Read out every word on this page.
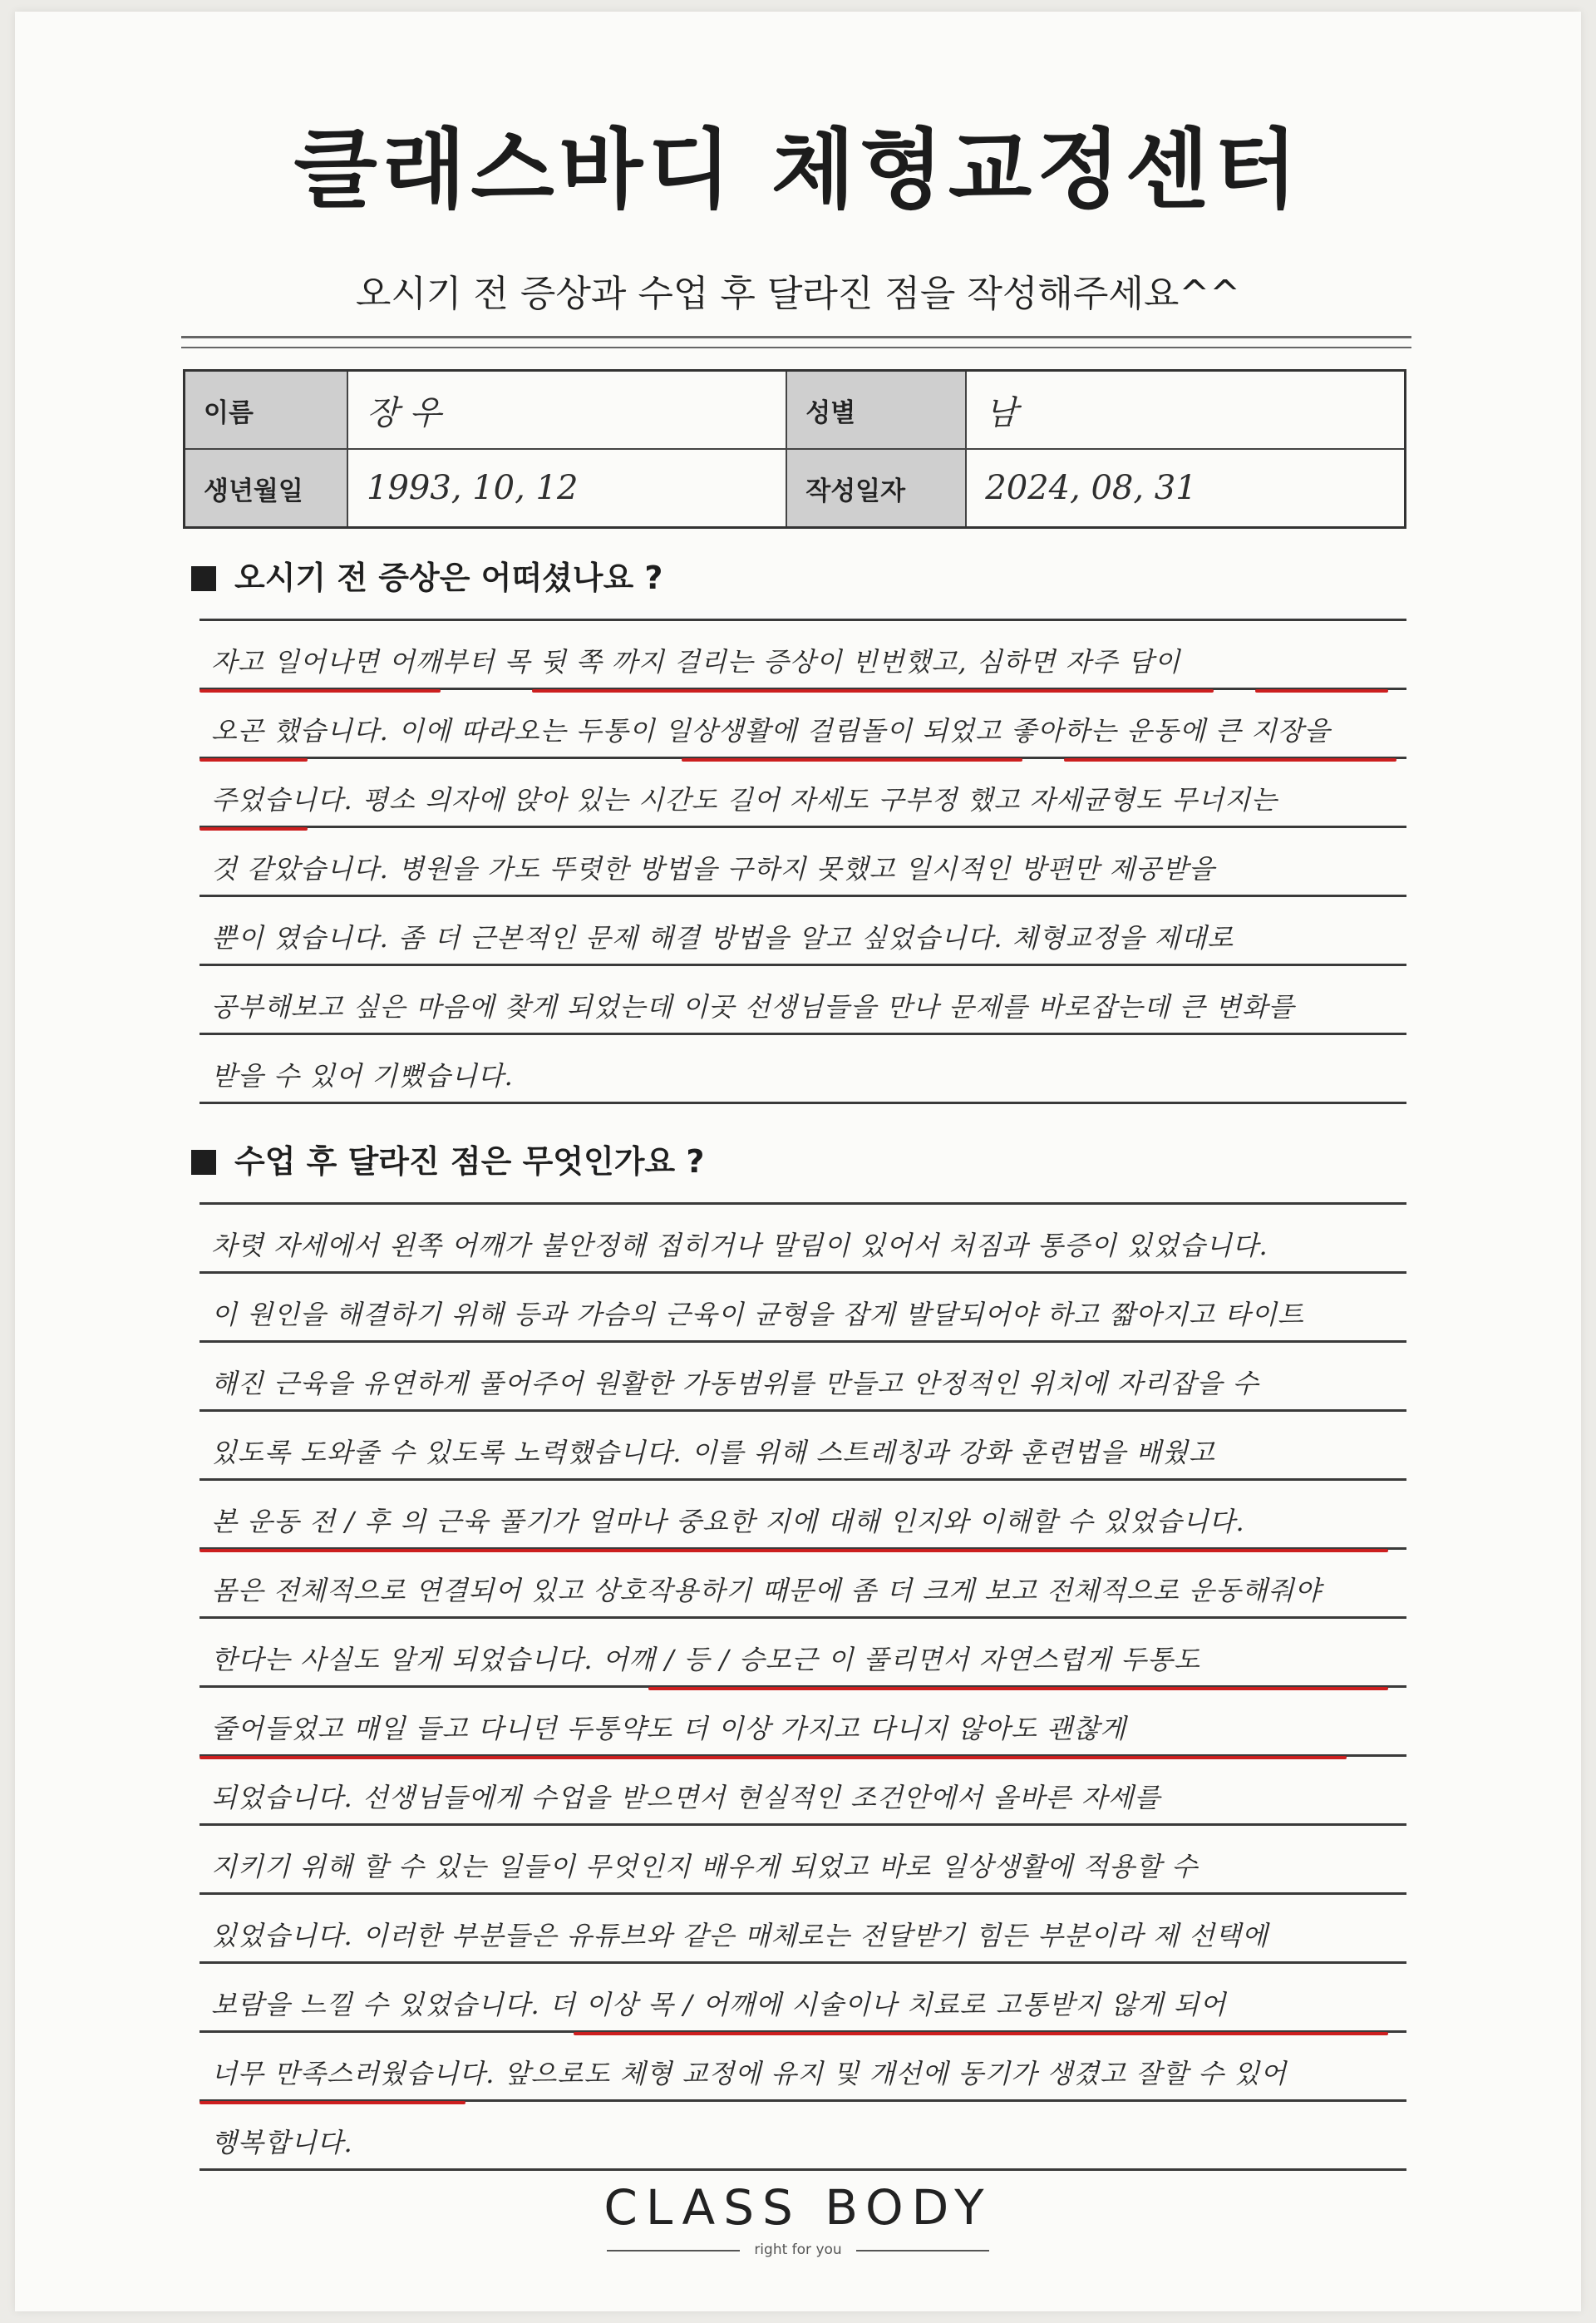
클래스바디 체형교정센터
오시기 전 증상과 수업 후 달라진 점을 작성해주세요^^
이름	장 우	성별	남
생년월일	1993, 10, 12	작성일자	2024, 08, 31
오시기 전 증상은 어떠셨나요 ?
자고 일어나면 어깨부터 목 뒷 쪽 까지 걸리는 증상이 빈번했고, 심하면 자주 담이
오곤 했습니다. 이에 따라오는 두통이 일상생활에 걸림돌이 되었고 좋아하는 운동에 큰 지장을
주었습니다. 평소 의자에 앉아 있는 시간도 길어 자세도 구부정 했고 자세균형도 무너지는
것 같았습니다. 병원을 가도 뚜렷한 방법을 구하지 못했고 일시적인 방편만 제공받을
뿐이 였습니다. 좀 더 근본적인 문제 해결 방법을 알고 싶었습니다. 체형교정을 제대로
공부해보고 싶은 마음에 찾게 되었는데 이곳 선생님들을 만나 문제를 바로잡는데 큰 변화를
받을 수 있어 기뻤습니다.
수업 후 달라진 점은 무엇인가요 ?
차렷 자세에서 왼쪽 어깨가 불안정해 접히거나 말림이 있어서 처짐과 통증이 있었습니다.
이 원인을 해결하기 위해 등과 가슴의 근육이 균형을 잡게 발달되어야 하고 짧아지고 타이트
해진 근육을 유연하게 풀어주어 원활한 가동범위를 만들고 안정적인 위치에 자리잡을 수
있도록 도와줄 수 있도록 노력했습니다. 이를 위해 스트레칭과 강화 훈련법을 배웠고
본 운동 전 / 후 의 근육 풀기가 얼마나 중요한 지에 대해 인지와 이해할 수 있었습니다.
몸은 전체적으로 연결되어 있고 상호작용하기 때문에 좀 더 크게 보고 전체적으로 운동해줘야
한다는 사실도 알게 되었습니다. 어깨 / 등 / 승모근 이 풀리면서 자연스럽게 두통도
줄어들었고 매일 들고 다니던 두통약도 더 이상 가지고 다니지 않아도 괜찮게
되었습니다. 선생님들에게 수업을 받으면서 현실적인 조건안에서 올바른 자세를
지키기 위해 할 수 있는 일들이 무엇인지 배우게 되었고 바로 일상생활에 적용할 수
있었습니다. 이러한 부분들은 유튜브와 같은 매체로는 전달받기 힘든 부분이라 제 선택에
보람을 느낄 수 있었습니다. 더 이상 목 / 어깨에 시술이나 치료로 고통받지 않게 되어
너무 만족스러웠습니다. 앞으로도 체형 교정에 유지 및 개선에 동기가 생겼고 잘할 수 있어
행복합니다.
CLASS BODY
right for you
